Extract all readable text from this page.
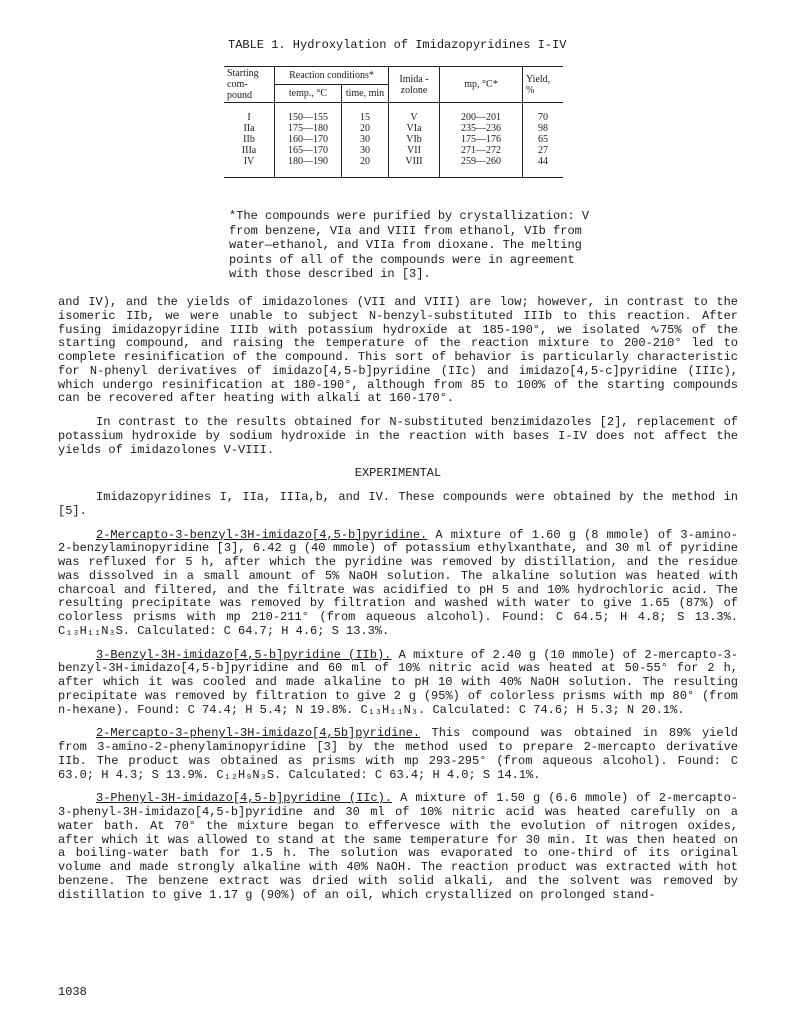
TABLE 1. Hydroxylation of Imidazopyridines I-IV
Starting com- pound	Reaction conditions*		Imida - zolone	mp, °C*	Yield, %
	temp., °C	time, min			
I	150—155	15	V	200—201	70
IIa	175—180	20	VIa	235—236	98
IIb	160—170	30	VIb	175—176	65
IIIa	165—170	30	VII	271—272	27
IV	180—190	20	VIII	259—260	44
*The compounds were purified by crystallization: V from benzene, VIa and VIII from ethanol, VIb from water—ethanol, and VIIa from dioxane. The melting points of all of the compounds were in agreement with those described in [3].

and IV), and the yields of imidazolones (VII and VIII) are low; however, in contrast to the isomeric IIb, we were unable to subject N-benzyl-substituted IIIb to this reaction. After fusing imidazopyridine IIIb with potassium hydroxide at 185-190°, we isolated ∿75% of the starting compound, and raising the temperature of the reaction mixture to 200-210° led to complete resinification of the compound. This sort of behavior is particularly characteristic for N-phenyl derivatives of imidazo[4,5-b]pyridine (IIc) and imidazo[4,5-c]pyridine (IIIc), which undergo resinification at 180-190°, although from 85 to 100% of the starting compounds can be recovered after heating with alkali at 160-170°.

In contrast to the results obtained for N-substituted benzimidazoles [2], replacement of potassium hydroxide by sodium hydroxide in the reaction with bases I-IV does not affect the yields of imidazolones V-VIII.

EXPERIMENTAL

Imidazopyridines I, IIa, IIIa,b, and IV. These compounds were obtained by the method in [5].

2-Mercapto-3-benzyl-3H-imidazo[4,5-b]pyridine. A mixture of 1.60 g (8 mmole) of 3-amino-2-benzylaminopyridine [3], 6.42 g (40 mmole) of potassium ethylxanthate, and 30 ml of pyridine was refluxed for 5 h, after which the pyridine was removed by distillation, and the residue was dissolved in a small amount of 5% NaOH solution. The alkaline solution was heated with charcoal and filtered, and the filtrate was acidified to pH 5 and 10% hydrochloric acid. The resulting precipitate was removed by filtration and washed with water to give 1.65 (87%) of colorless prisms with mp 210-211° (from aqueous alcohol). Found: C 64.5; H 4.8; S 13.3%. C₁₃H₁₁N₃S. Calculated: C 64.7; H 4.6; S 13.3%.

3-Benzyl-3H-imidazo[4,5-b]pyridine (IIb). A mixture of 2.40 g (10 mmole) of 2-mercapto-3-benzyl-3H-imidazo[4,5-b]pyridine and 60 ml of 10% nitric acid was heated at 50-55° for 2 h, after which it was cooled and made alkaline to pH 10 with 40% NaOH solution. The resulting precipitate was removed by filtration to give 2 g (95%) of colorless prisms with mp 80° (from n-hexane). Found: C 74.4; H 5.4; N 19.8%. C₁₃H₁₁N₃. Calculated: C 74.6; H 5.3; N 20.1%.

2-Mercapto-3-phenyl-3H-imidazo[4,5b]pyridine. This compound was obtained in 89% yield from 3-amino-2-phenylaminopyridine [3] by the method used to prepare 2-mercapto derivative IIb. The product was obtained as prisms with mp 293-295° (from aqueous alcohol). Found: C 63.0; H 4.3; S 13.9%. C₁₂H₉N₃S. Calculated: C 63.4; H 4.0; S 14.1%.

3-Phenyl-3H-imidazo[4,5-b]pyridine (IIc). A mixture of 1.50 g (6.6 mmole) of 2-mercapto-3-phenyl-3H-imidazo[4,5-b]pyridine and 30 ml of 10% nitric acid was heated carefully on a water bath. At 70° the mixture began to effervesce with the evolution of nitrogen oxides, after which it was allowed to stand at the same temperature for 30 min. It was then heated on a boiling-water bath for 1.5 h. The solution was evaporated to one-third of its original volume and made strongly alkaline with 40% NaOH. The reaction product was extracted with hot benzene. The benzene extract was dried with solid alkali, and the solvent was removed by distillation to give 1.17 g (90%) of an oil, which crystallized on prolonged stand-

1038
